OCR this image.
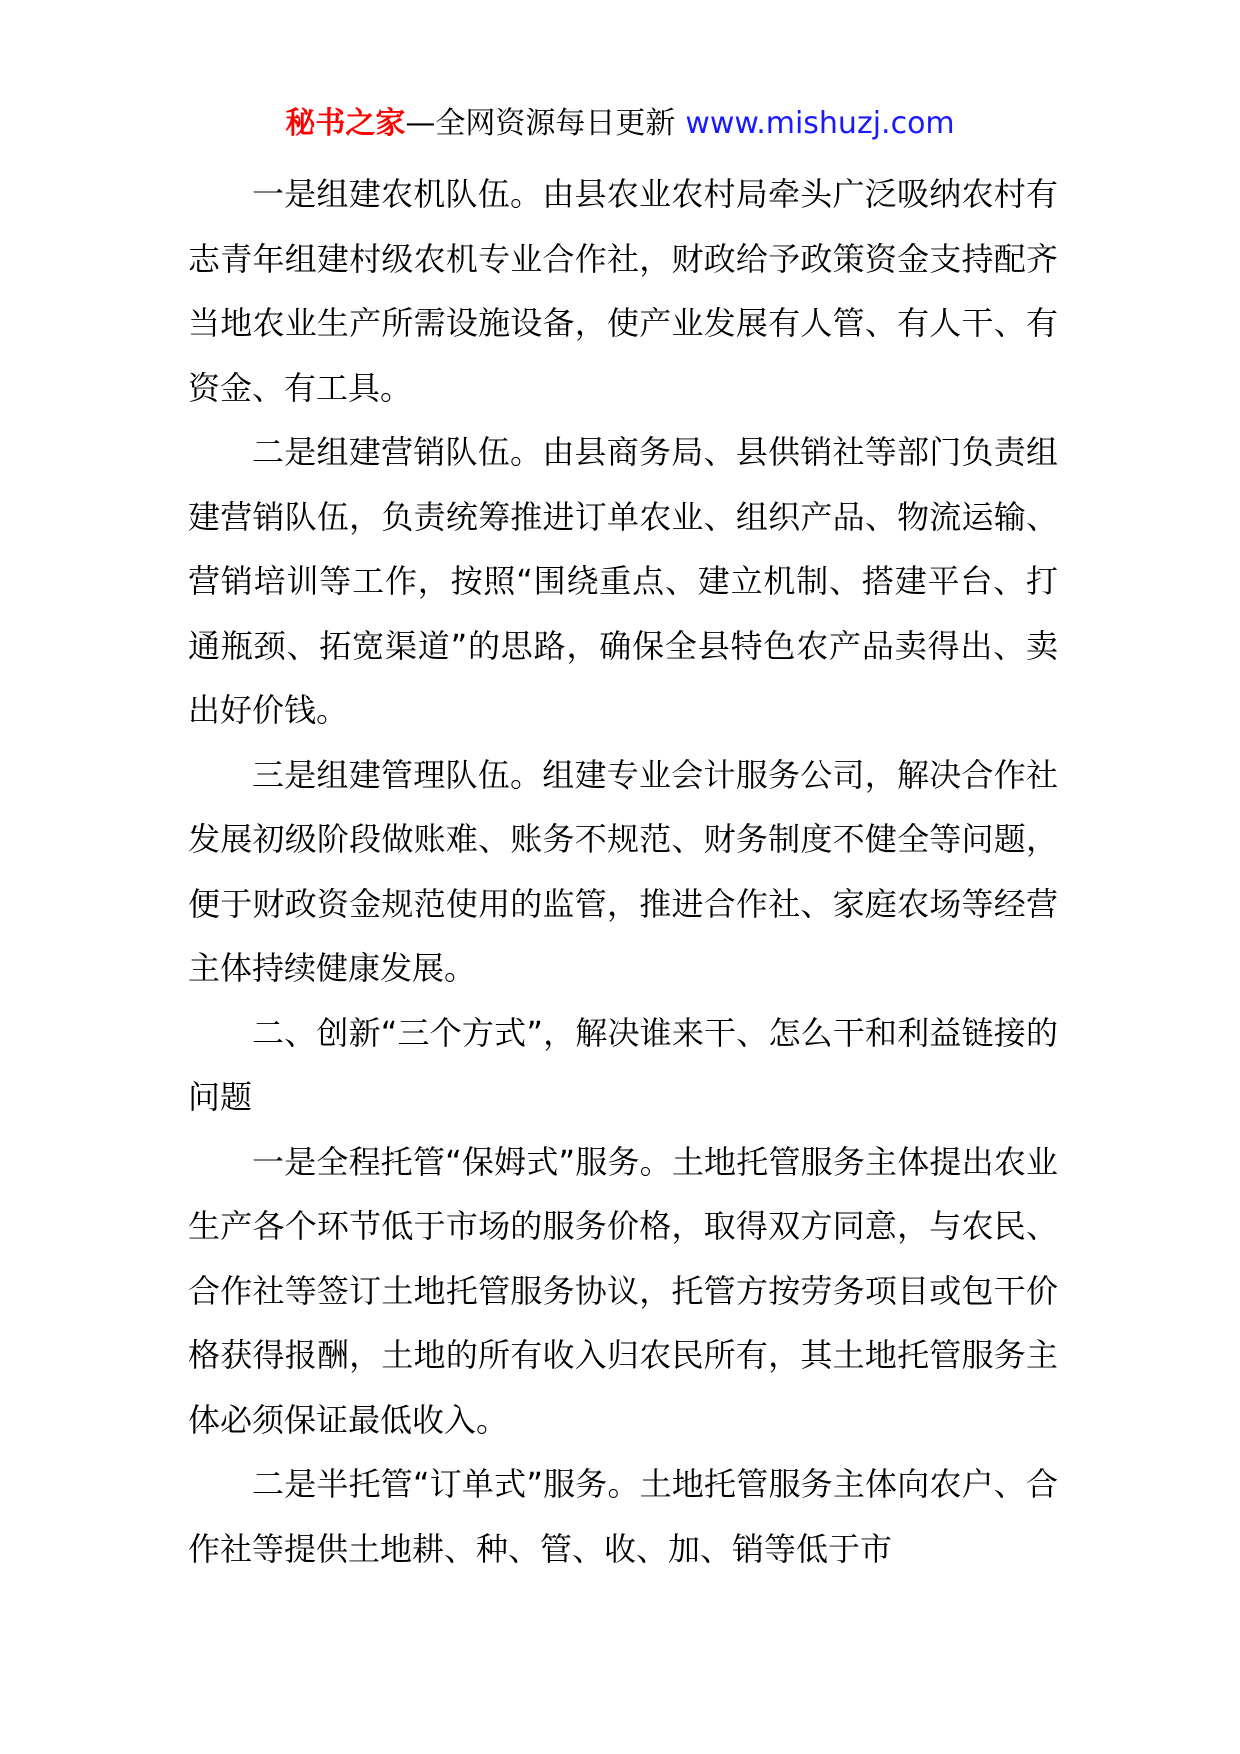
秘书之家—全网资源每日更新 www.mishuzj.com

一是组建农机队伍。由县农业农村局牵头广泛吸纳农村有志青年组建村级农机专业合作社，财政给予政策资金支持配齐当地农业生产所需设施设备，使产业发展有人管、有人干、有资金、有工具。

二是组建营销队伍。由县商务局、县供销社等部门负责组建营销队伍，负责统筹推进订单农业、组织产品、物流运输、营销培训等工作，按照“围绕重点、建立机制、搭建平台、打通瓶颈、拓宽渠道”的思路，确保全县特色农产品卖得出、卖出好价钱。

三是组建管理队伍。组建专业会计服务公司，解决合作社发展初级阶段做账难、账务不规范、财务制度不健全等问题，便于财政资金规范使用的监管，推进合作社、家庭农场等经营主体持续健康发展。

二、创新“三个方式”，解决谁来干、怎么干和利益链接的问题

一是全程托管“保姆式”服务。土地托管服务主体提出农业生产各个环节低于市场的服务价格，取得双方同意，与农民、合作社等签订土地托管服务协议，托管方按劳务项目或包干价格获得报酬，土地的所有收入归农民所有，其土地托管服务主体必须保证最低收入。

二是半托管“订单式”服务。土地托管服务主体向农户、合作社等提供土地耕、种、管、收、加、销等低于市
